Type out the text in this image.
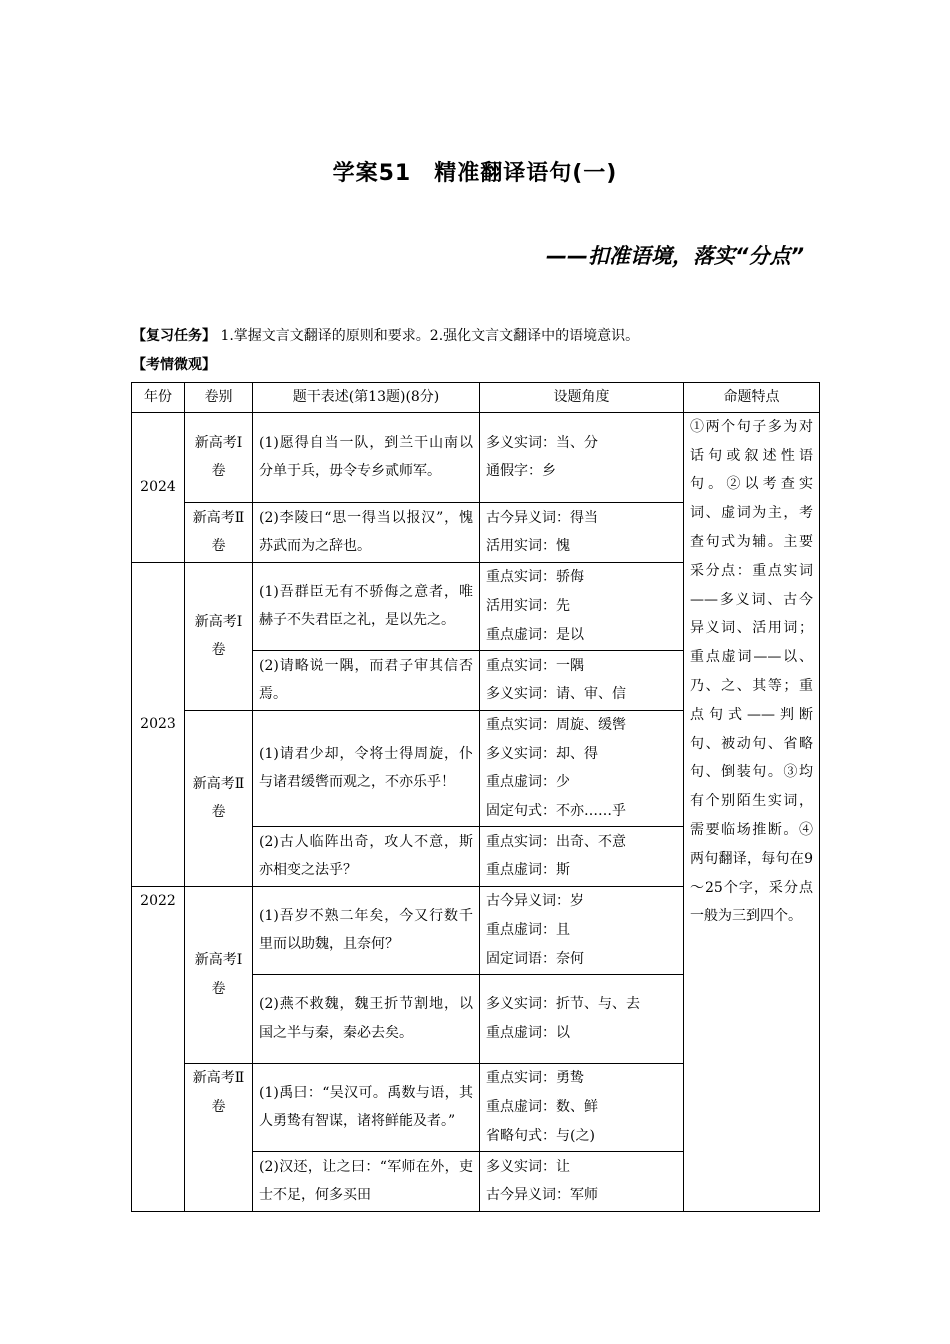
学案51　精准翻译语句(一)
——扣准语境，落实“分点”
【复习任务】 1.掌握文言文翻译的原则和要求。2.强化文言文翻译中的语境意识。
【考情微观】
年份	卷别	题干表述(第13题)(8分)	设题角度	命题特点
2024	新高考Ⅰ卷	(1)愿得自当一队，到兰干山南以分单于兵，毋令专乡贰师军。	多义实词：当、分
通假字：乡	①两个句子多为对话句或叙述性语句。②以考查实词、虚词为主，考查句式为辅。主要采分点：重点实词——多义词、古今异义词、活用词；重点虚词——以、乃、之、其等；重点句式——判断句、被动句、省略句、倒装句。③均有个别陌生实词，需要临场推断。④两句翻译，每句在9～25个字，采分点一般为三到四个。

	新高考Ⅱ卷	(2)李陵曰“思一得当以报汉”，愧苏武而为之辞也。	古今异义词：得当
活用实词：愧	

2023	新高考Ⅰ卷	(1)吾群臣无有不骄侮之意者，唯赫子不失君臣之礼，是以先之。	重点实词：骄侮
活用实词：先
重点虚词：是以	

		(2)请略说一隅，而君子审其信否焉。	重点实词：一隅
多义实词：请、审、信	

	新高考Ⅱ卷	(1)请君少却，令将士得周旋，仆与诸君缓辔而观之，不亦乐乎！	重点实词：周旋、缓辔
多义实词：却、得
重点虚词：少
固定句式：不亦……乎	

		(2)古人临阵出奇，攻人不意，斯亦相变之法乎？	重点实词：出奇、不意
重点虚词：斯	

2022	新高考Ⅰ卷	(1)吾岁不熟二年矣，今又行数千里而以助魏，且奈何？	古今异义词：岁
重点虚词：且
固定词语：奈何	

		(2)燕不救魏，魏王折节割地，以国之半与秦，秦必去矣。	多义实词：折节、与、去
重点虚词：以	

	新高考Ⅱ卷	(1)禹曰：“吴汉可。禹数与语，其人勇鸷有智谋，诸将鲜能及者。”	重点实词：勇鸷
重点虚词：数、鲜
省略句式：与(之)	

		(2)汉还，让之曰：“军师在外，吏士不足，何多买田	多义实词：让
古今异义词：军师	
